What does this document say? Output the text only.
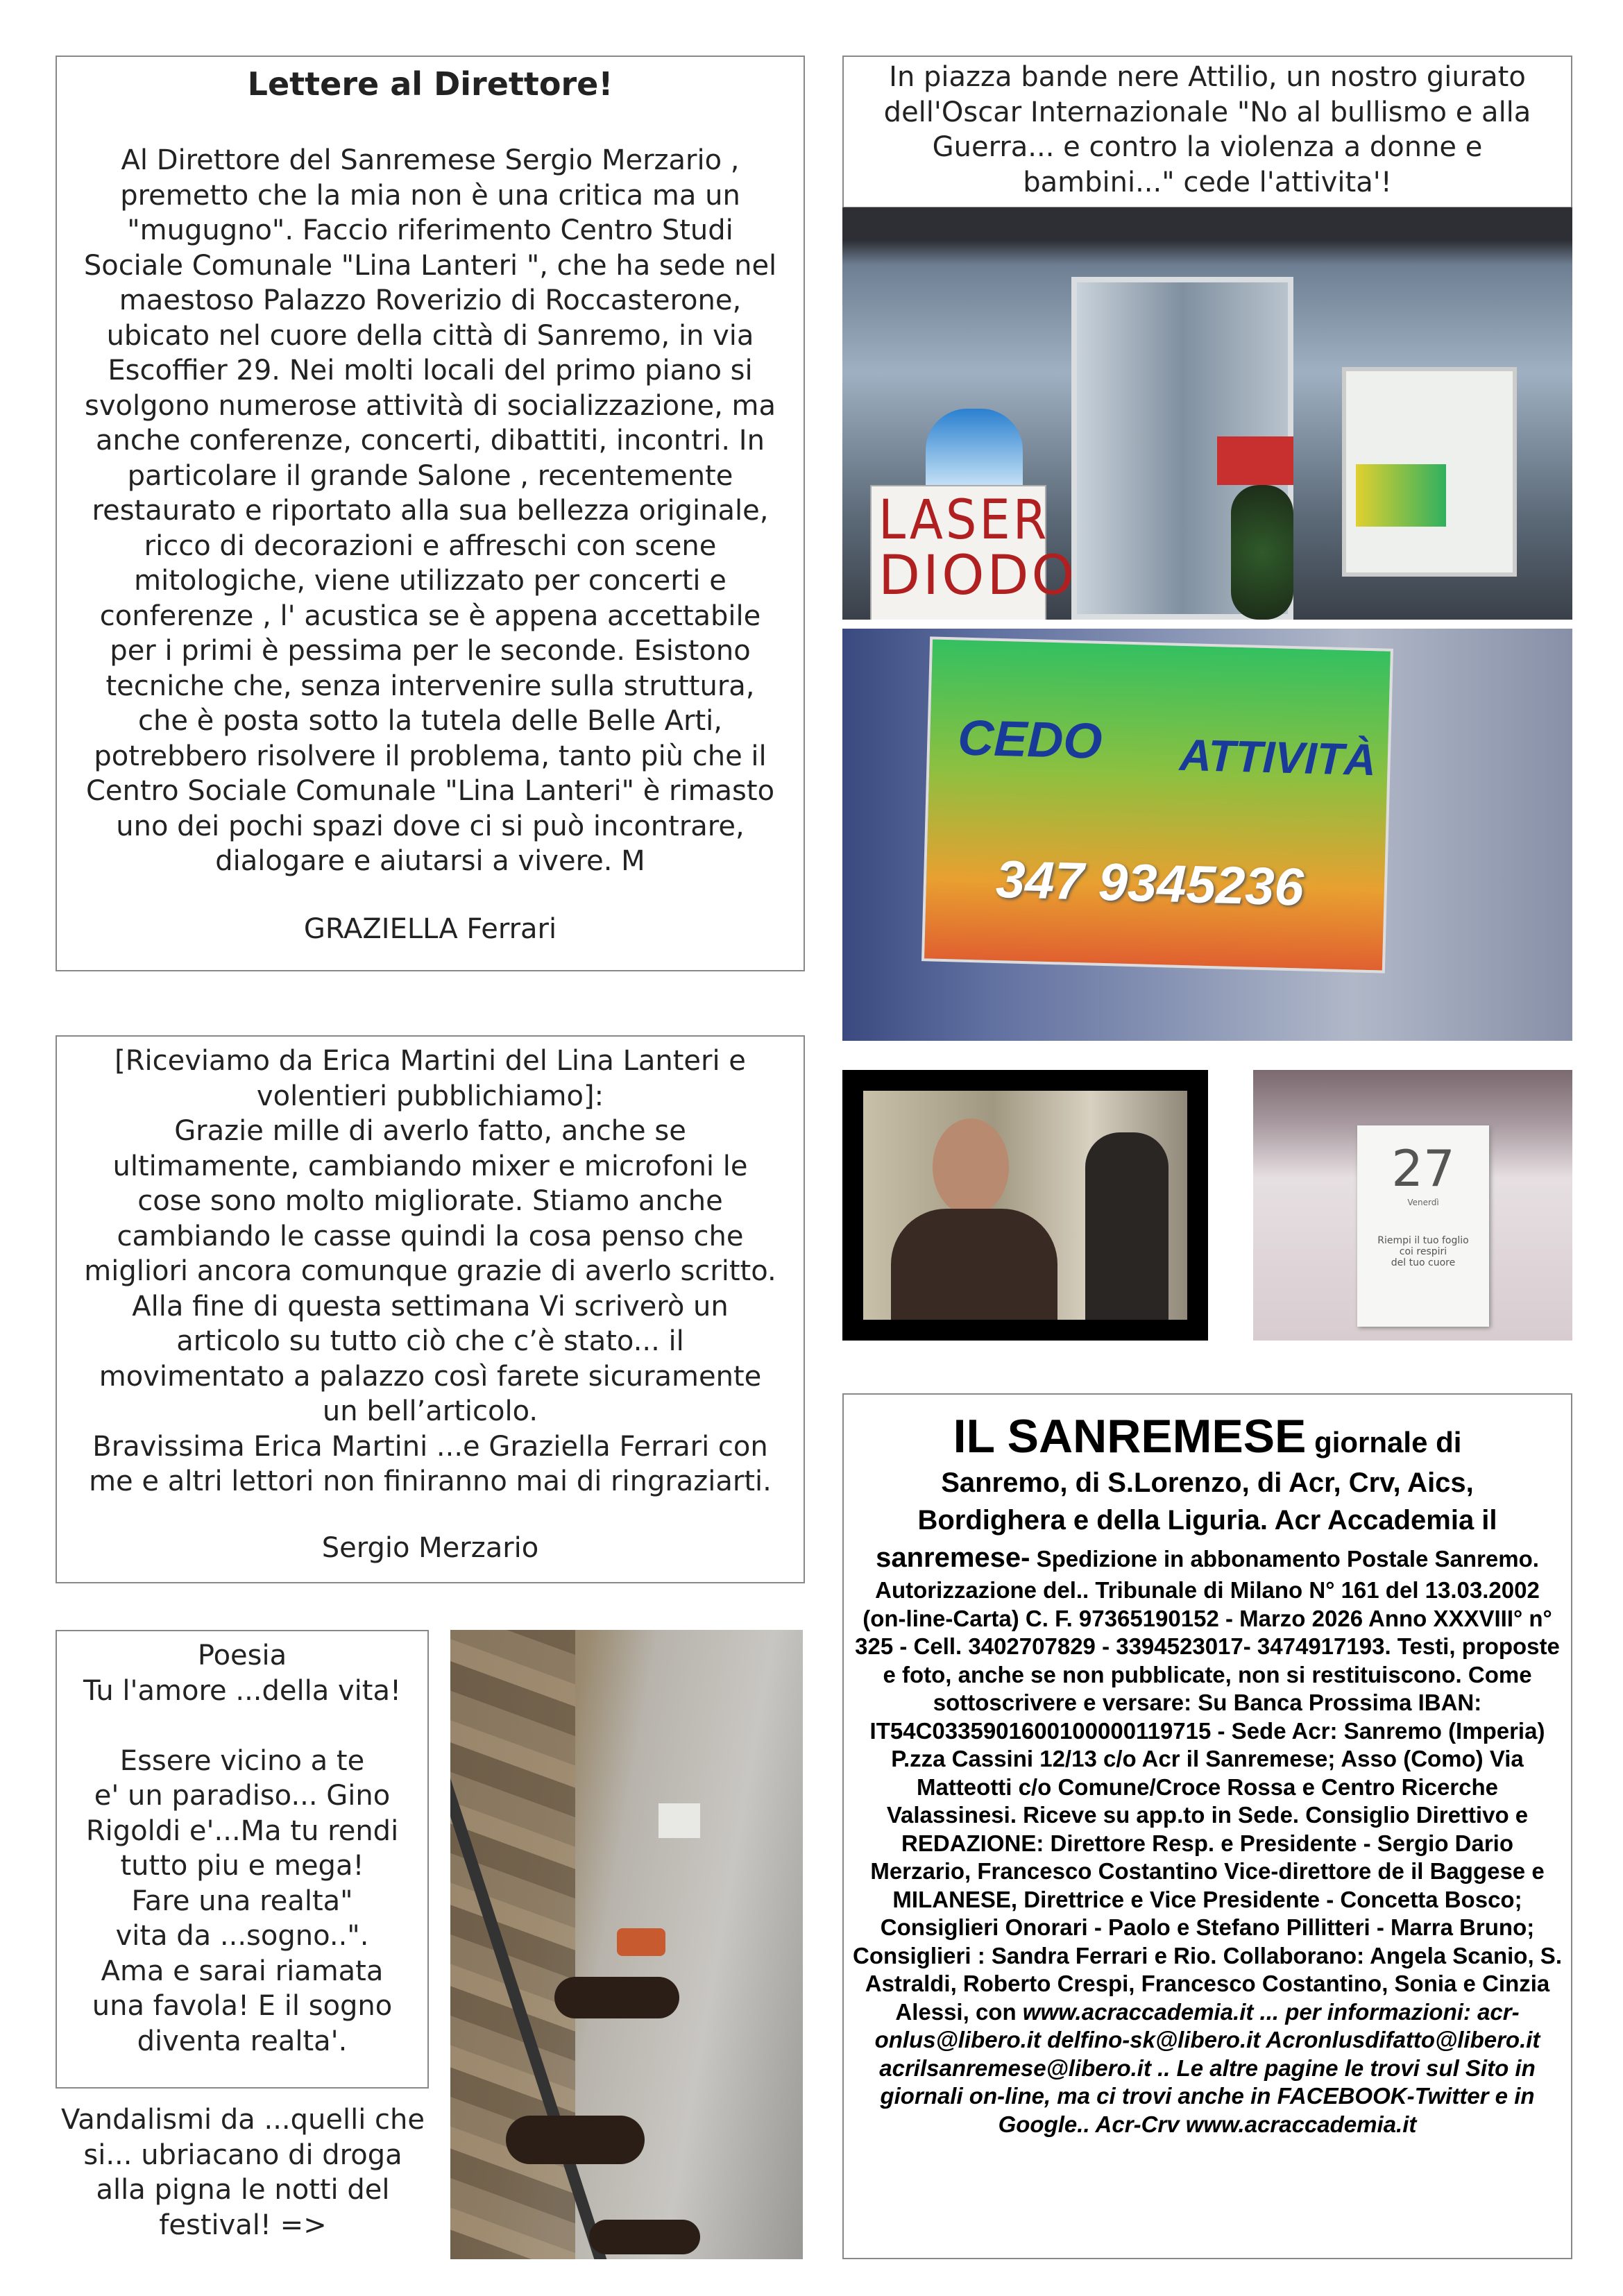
Lettere al Direttore!
Al Direttore del Sanremese Sergio Merzario ,
premetto che la mia non è una critica ma un
"mugugno". Faccio riferimento Centro Studi
Sociale Comunale "Lina Lanteri ", che ha sede nel
maestoso Palazzo Roverizio di Roccasterone,
ubicato nel cuore della città di Sanremo, in via
Escoffier 29. Nei molti locali del primo piano si
svolgono numerose attività di socializzazione, ma
anche conferenze, concerti, dibattiti, incontri. In
particolare il grande Salone , recentemente
restaurato e riportato alla sua bellezza originale,
ricco di decorazioni e affreschi con scene
mitologiche, viene utilizzato per concerti e
conferenze , l' acustica se è appena accettabile
per i primi è pessima per le seconde. Esistono
tecniche che, senza intervenire sulla struttura,
che è posta sotto la tutela delle Belle Arti,
potrebbero risolvere il problema, tanto più che il
Centro Sociale Comunale "Lina Lanteri" è rimasto
uno dei pochi spazi dove ci si può incontrare,
dialogare e aiutarsi a vivere. M
GRAZIELLA Ferrari
In piazza bande nere Attilio, un nostro giurato
dell'Oscar Internazionale "No al bullismo e alla
Guerra... e contro la violenza a donne e
bambini..." cede l'attivita'!
LASER
DIODO
CEDO ATTIVITÀ
347 9345236
[Riceviamo da Erica Martini del Lina Lanteri e
volentieri pubblichiamo]:
Grazie mille di averlo fatto, anche se
ultimamente, cambiando mixer e microfoni le
cose sono molto migliorate. Stiamo anche
cambiando le casse quindi la cosa penso che
migliori ancora comunque grazie di averlo scritto.
Alla fine di questa settimana Vi scriverò un
articolo su tutto ciò che c’è stato... il
movimentato a palazzo così farete sicuramente
un bell’articolo.
Bravissima Erica Martini ...e Graziella Ferrari con
me e altri lettori non finiranno mai di ringraziarti.
Sergio Merzario
27
Venerdì
Riempi il tuo foglio
coi respiri
del tuo cuore
IL SANREMESE giornale di
Sanremo, di S.Lorenzo, di Acr, Crv, Aics,
Bordighera e della Liguria. Acr Accademia il
sanremese- Spedizione in abbonamento Postale Sanremo. Autorizzazione del.. Tribunale di Milano N° 161 del 13.03.2002 (on-line-Carta) C. F. 97365190152 - Marzo 2026 Anno XXXVIII° n° 325 - Cell. 3402707829 - 3394523017- 3474917193. Testi, proposte e foto, anche se non pubblicate, non si restituiscono. Come sottoscrivere e versare: Su Banca Prossima IBAN: IT54C0335901600100000119715 - Sede Acr: Sanremo (Imperia) P.zza Cassini 12/13 c/o Acr il Sanremese; Asso (Como) Via Matteotti c/o Comune/Croce Rossa e Centro Ricerche Valassinesi. Riceve su app.to in Sede. Consiglio Direttivo e REDAZIONE: Direttore Resp. e Presidente - Sergio Dario Merzario, Francesco Costantino Vice-direttore de il Baggese e MILANESE, Direttrice e Vice Presidente - Concetta Bosco; Consiglieri Onorari - Paolo e Stefano Pillitteri - Marra Bruno; Consiglieri : Sandra Ferrari e Rio. Collaborano: Angela Scanio, S. Astraldi, Roberto Crespi, Francesco Costantino, Sonia e Cinzia Alessi, con www.acraccademia.it ... per informazioni: acr-onlus@libero.it delfino-sk@libero.it Acronlusdifatto@libero.it acrilsanremese@libero.it .. Le altre pagine le trovi sul Sito in giornali on-line, ma ci trovi anche in FACEBOOK-Twitter e in Google.. Acr-Crv www.acraccademia.it
Poesia
Tu l'amore ...della vita!

Essere vicino a te
e' un paradiso... Gino
Rigoldi e'...Ma tu rendi
tutto piu e mega!
Fare una realta"
vita da ...sogno..".
Ama e sarai riamata
una favola! E il sogno
diventa realta'.
Vandalismi da ...quelli che
si... ubriacano di droga
alla pigna le notti del
festival! =>
